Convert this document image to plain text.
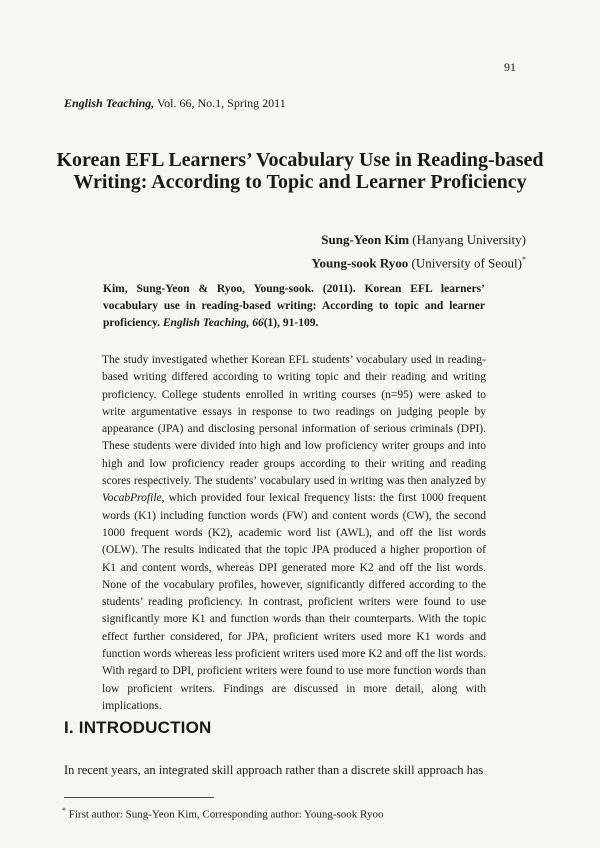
91
English Teaching, Vol. 66, No.1, Spring 2011
Korean EFL Learners’ Vocabulary Use in Reading-based Writing: According to Topic and Learner Proficiency
Sung-Yeon Kim (Hanyang University)
Young-sook Ryoo (University of Seoul)*
Kim, Sung-Yeon & Ryoo, Young-sook. (2011). Korean EFL learners’ vocabulary use in reading-based writing: According to topic and learner proficiency. English Teaching, 66(1), 91-109.
The study investigated whether Korean EFL students’ vocabulary used in reading-based writing differed according to writing topic and their reading and writing proficiency. College students enrolled in writing courses (n=95) were asked to write argumentative essays in response to two readings on judging people by appearance (JPA) and disclosing personal information of serious criminals (DPI). These students were divided into high and low proficiency writer groups and into high and low proficiency reader groups according to their writing and reading scores respectively. The students’ vocabulary used in writing was then analyzed by VocabProfile, which provided four lexical frequency lists: the first 1000 frequent words (K1) including function words (FW) and content words (CW), the second 1000 frequent words (K2), academic word list (AWL), and off the list words (OLW). The results indicated that the topic JPA produced a higher proportion of K1 and content words, whereas DPI generated more K2 and off the list words. None of the vocabulary profiles, however, significantly differed according to the students’ reading proficiency. In contrast, proficient writers were found to use significantly more K1 and function words than their counterparts. With the topic effect further considered, for JPA, proficient writers used more K1 words and function words whereas less proficient writers used more K2 and off the list words. With regard to DPI, proficient writers were found to use more function words than low proficient writers. Findings are discussed in more detail, along with implications.
I. INTRODUCTION
In recent years, an integrated skill approach rather than a discrete skill approach has
* First author: Sung-Yeon Kim, Corresponding author: Young-sook Ryoo
